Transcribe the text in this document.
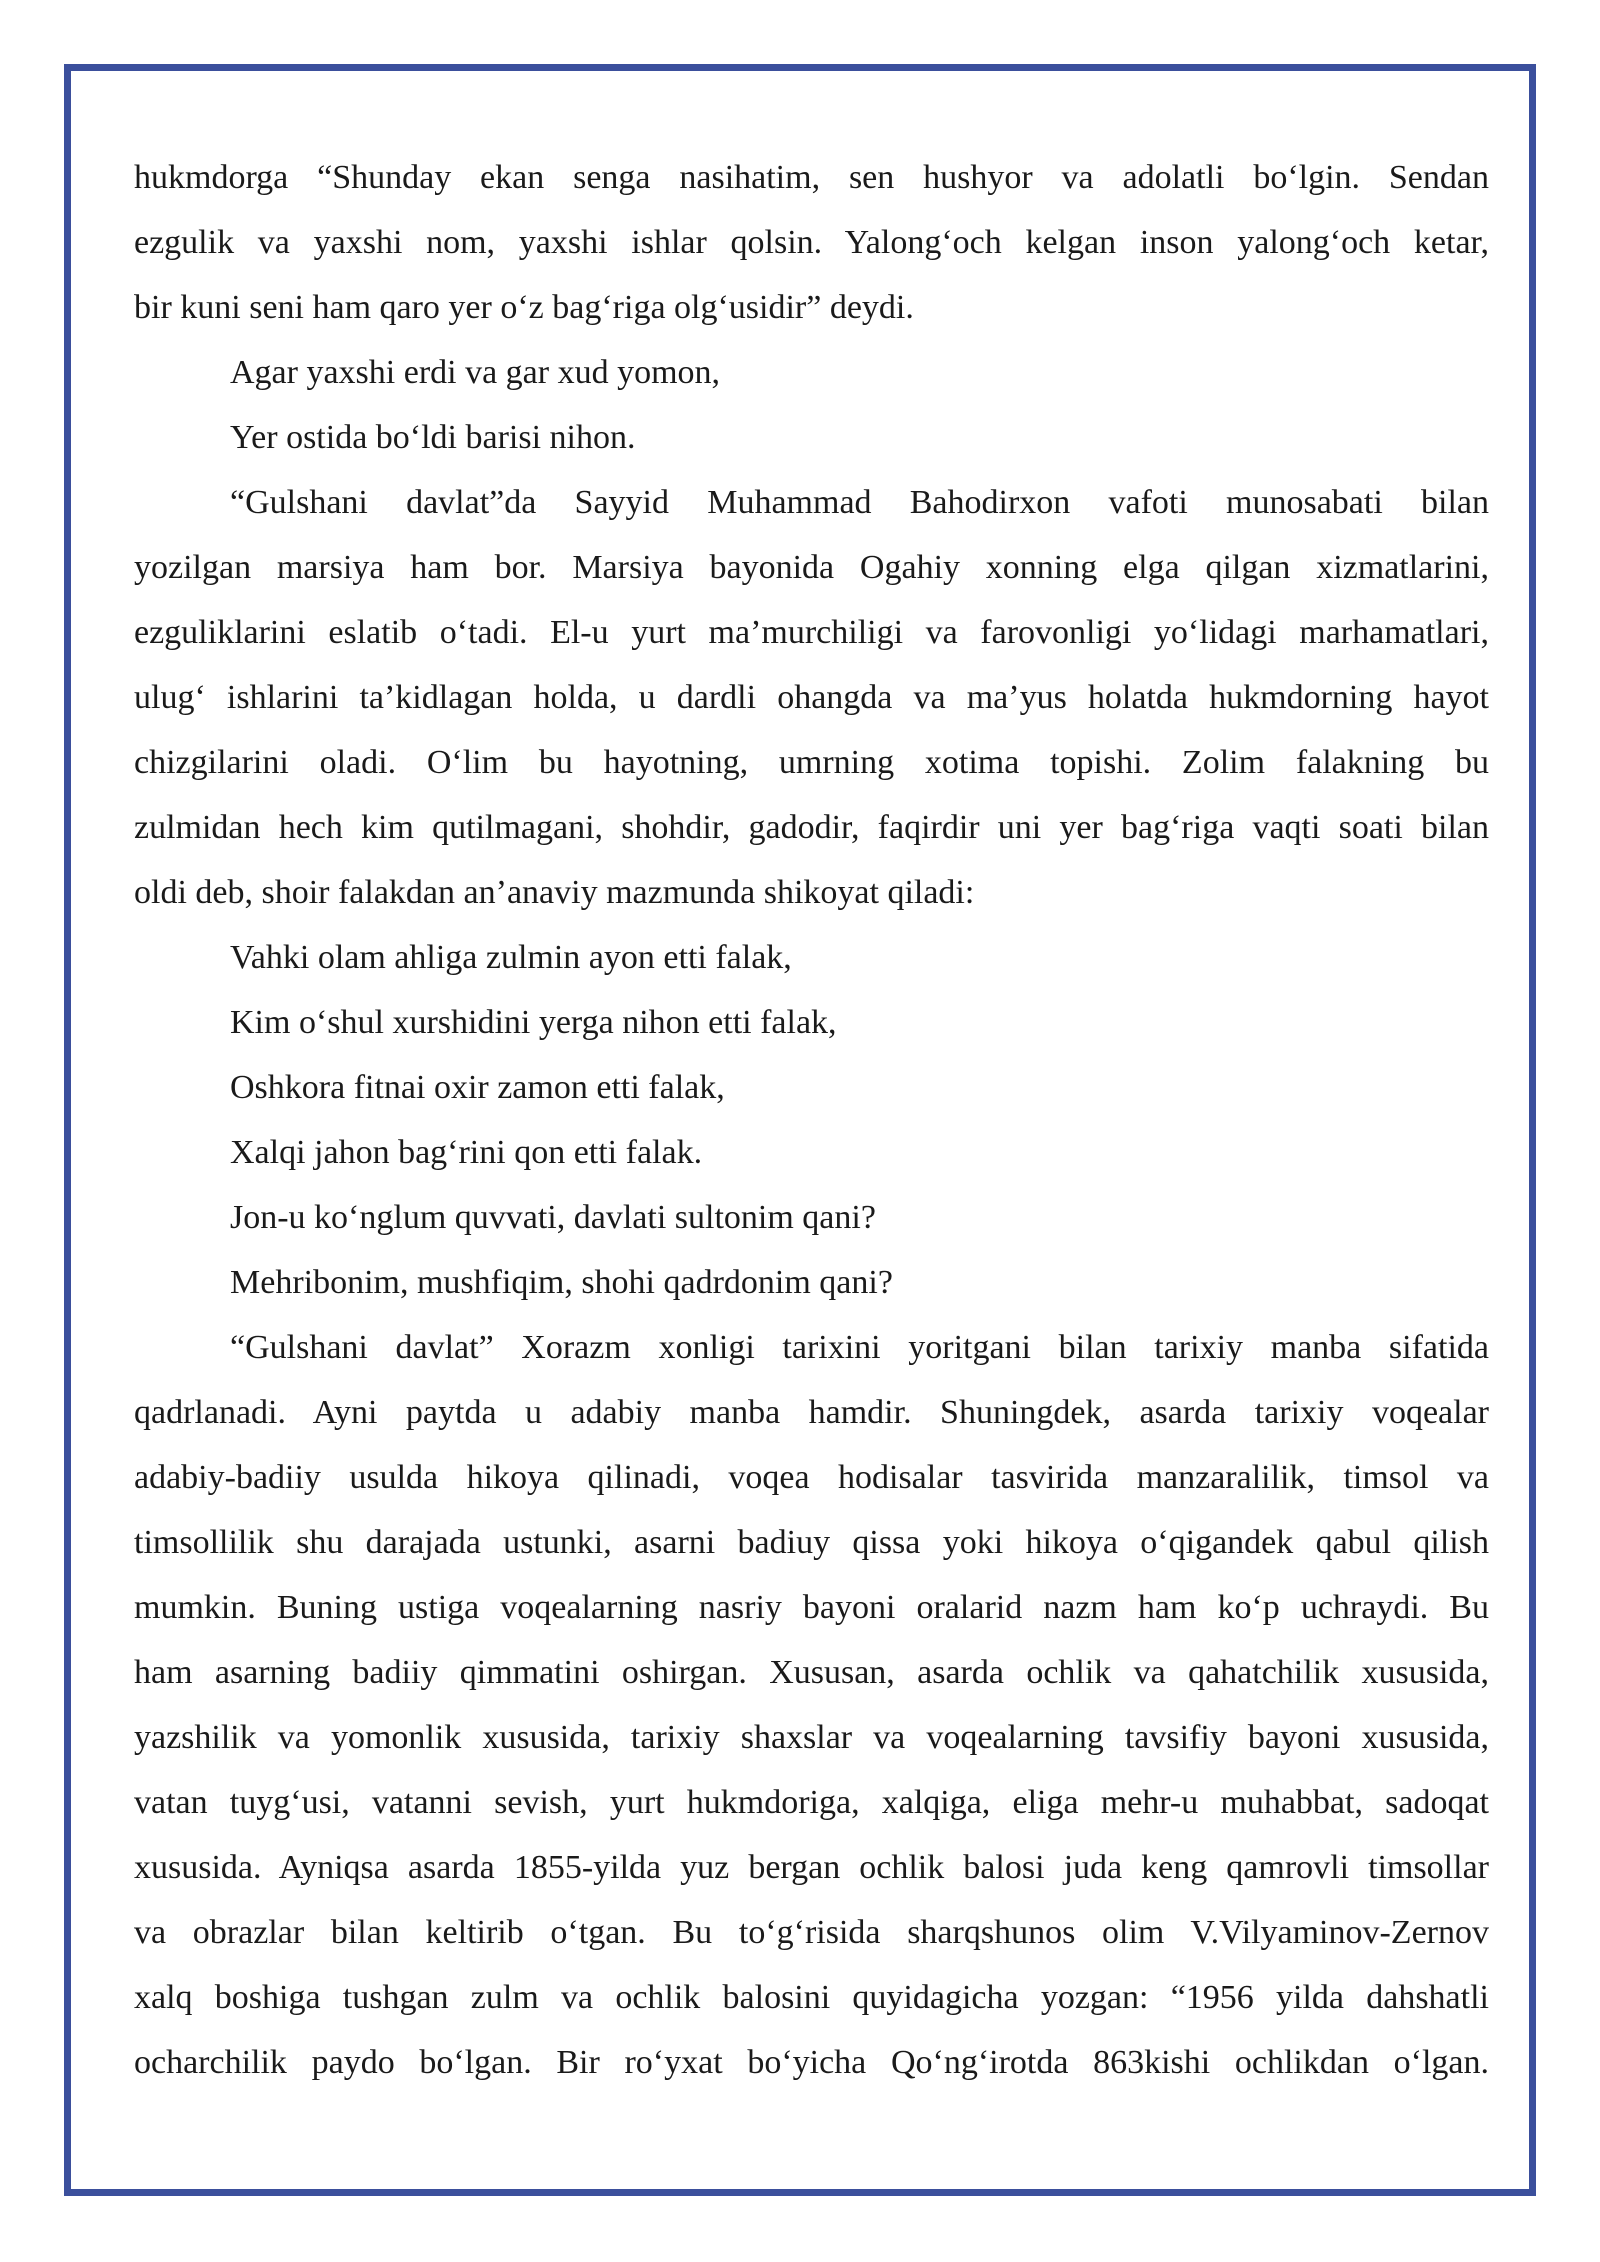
hukmdorga “Shunday ekan senga nasihatim, sen hushyor va adolatli bo‘lgin. Sendan
ezgulik va yaxshi nom, yaxshi ishlar qolsin. Yalong‘och kelgan inson yalong‘och ketar,
bir kuni seni ham qaro yer o‘z bag‘riga olg‘usidir” deydi.
Agar yaxshi erdi va gar xud yomon,
Yer ostida bo‘ldi barisi nihon.
“Gulshani davlat”da Sayyid Muhammad Bahodirxon vafoti munosabati bilan
yozilgan marsiya ham bor. Marsiya bayonida Ogahiy xonning elga qilgan xizmatlarini,
ezguliklarini eslatib o‘tadi. El-u yurt ma’murchiligi va farovonligi yo‘lidagi marhamatlari,
ulug‘ ishlarini ta’kidlagan holda, u dardli ohangda va ma’yus holatda hukmdorning hayot
chizgilarini oladi. O‘lim bu hayotning, umrning xotima topishi. Zolim falakning bu
zulmidan hech kim qutilmagani, shohdir, gadodir, faqirdir uni yer bag‘riga vaqti soati bilan
oldi deb, shoir falakdan an’anaviy mazmunda shikoyat qiladi:
Vahki olam ahliga zulmin ayon etti falak,
Kim o‘shul xurshidini yerga nihon etti falak,
Oshkora fitnai oxir zamon etti falak,
Xalqi jahon bag‘rini qon etti falak.
Jon-u ko‘nglum quvvati, davlati sultonim qani?
Mehribonim, mushfiqim, shohi qadrdonim qani?
“Gulshani davlat” Xorazm xonligi tarixini yoritgani bilan tarixiy manba sifatida
qadrlanadi. Ayni paytda u adabiy manba hamdir. Shuningdek, asarda tarixiy voqealar
adabiy-badiiy usulda hikoya qilinadi, voqea hodisalar tasvirida manzaralilik, timsol va
timsollilik shu darajada ustunki, asarni badiuy qissa yoki hikoya o‘qigandek qabul qilish
mumkin. Buning ustiga voqealarning nasriy bayoni oralarid nazm ham ko‘p uchraydi. Bu
ham asarning badiiy qimmatini oshirgan. Xususan, asarda ochlik va qahatchilik xususida,
yazshilik va yomonlik xususida, tarixiy shaxslar va voqealarning tavsifiy bayoni xususida,
vatan tuyg‘usi, vatanni sevish, yurt hukmdoriga, xalqiga, eliga mehr-u muhabbat, sadoqat
xususida. Ayniqsa asarda 1855-yilda yuz bergan ochlik balosi juda keng qamrovli timsollar
va obrazlar bilan keltirib o‘tgan. Bu to‘g‘risida sharqshunos olim V.Vilyaminov-Zernov
xalq boshiga tushgan zulm va ochlik balosini quyidagicha yozgan: “1956 yilda dahshatli
ocharchilik paydo bo‘lgan. Bir ro‘yxat bo‘yicha Qo‘ng‘irotda 863kishi ochlikdan o‘lgan.
